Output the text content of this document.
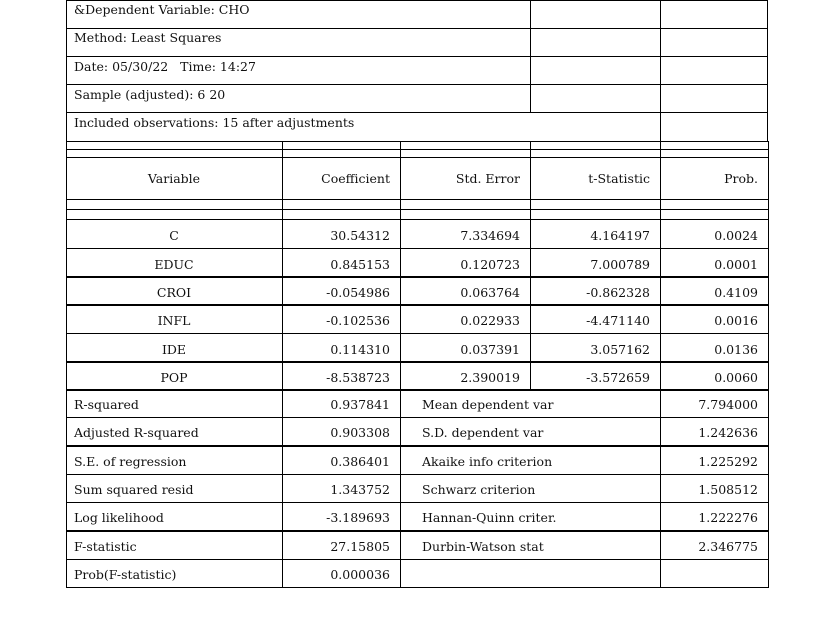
&Dependent Variable: CHO
Method: Least Squares
Date: 05/30/22   Time: 14:27
Sample (adjusted): 6 20
Included observations: 15 after adjustments
Variable	Coefficient	Std. Error	t-Statistic	Prob.
C	30.54312	7.334694	4.164197	0.0024
EDUC	0.845153	0.120723	7.000789	0.0001
CROI	-0.054986	0.063764	-0.862328	0.4109
INFL	-0.102536	0.022933	-4.471140	0.0016
IDE	0.114310	0.037391	3.057162	0.0136
POP	-8.538723	2.390019	-3.572659	0.0060
R-squared	0.937841	Mean dependent var	7.794000
Adjusted R-squared	0.903308	S.D. dependent var	1.242636
S.E. of regression	0.386401	Akaike info criterion	1.225292
Sum squared resid	1.343752	Schwarz criterion	1.508512
Log likelihood	-3.189693	Hannan-Quinn criter.	1.222276
F-statistic	27.15805	Durbin-Watson stat	2.346775
Prob(F-statistic)	0.000036
